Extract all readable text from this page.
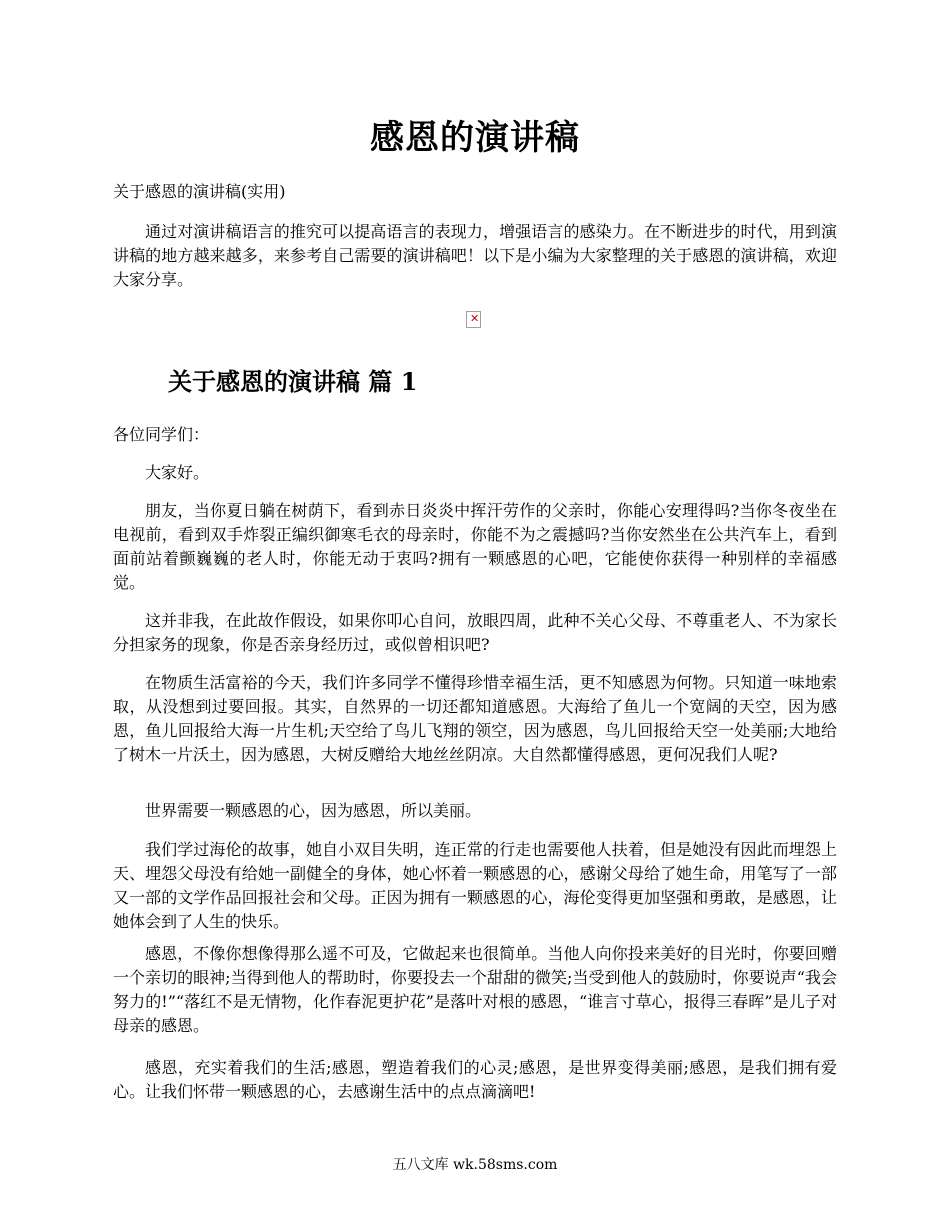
感恩的演讲稿
关于感恩的演讲稿(实用)

通过对演讲稿语言的推究可以提高语言的表现力，增强语言的感染力。在不断进步的时代，用到演讲稿的地方越来越多，来参考自己需要的演讲稿吧！以下是小编为大家整理的关于感恩的演讲稿，欢迎大家分享。

✕
关于感恩的演讲稿 篇 1

各位同学们：

大家好。

朋友，当你夏日躺在树荫下，看到赤日炎炎中挥汗劳作的父亲时，你能心安理得吗?当你冬夜坐在电视前，看到双手炸裂正编织御寒毛衣的母亲时，你能不为之震撼吗?当你安然坐在公共汽车上，看到面前站着颤巍巍的老人时，你能无动于衷吗?拥有一颗感恩的心吧，它能使你获得一种别样的幸福感觉。

这并非我，在此故作假设，如果你叩心自问，放眼四周，此种不关心父母、不尊重老人、不为家长分担家务的现象，你是否亲身经历过，或似曾相识吧?

在物质生活富裕的今天，我们许多同学不懂得珍惜幸福生活，更不知感恩为何物。只知道一味地索取，从没想到过要回报。其实，自然界的一切还都知道感恩。大海给了鱼儿一个宽阔的天空，因为感恩，鱼儿回报给大海一片生机;天空给了鸟儿飞翔的领空，因为感恩，鸟儿回报给天空一处美丽;大地给了树木一片沃土，因为感恩，大树反赠给大地丝丝阴凉。大自然都懂得感恩，更何况我们人呢?

世界需要一颗感恩的心，因为感恩，所以美丽。

我们学过海伦的故事，她自小双目失明，连正常的行走也需要他人扶着，但是她没有因此而埋怨上天、埋怨父母没有给她一副健全的身体，她心怀着一颗感恩的心，感谢父母给了她生命，用笔写了一部又一部的文学作品回报社会和父母。正因为拥有一颗感恩的心，海伦变得更加坚强和勇敢，是感恩，让她体会到了人生的快乐。

感恩，不像你想像得那么遥不可及，它做起来也很简单。当他人向你投来美好的目光时，你要回赠一个亲切的眼神;当得到他人的帮助时，你要投去一个甜甜的微笑;当受到他人的鼓励时，你要说声“我会努力的!”“落红不是无情物，化作春泥更护花”是落叶对根的感恩，“谁言寸草心，报得三春晖”是儿子对母亲的感恩。

感恩，充实着我们的生活;感恩，塑造着我们的心灵;感恩，是世界变得美丽;感恩，是我们拥有爱心。让我们怀带一颗感恩的心，去感谢生活中的点点滴滴吧!

五八文库 wk.58sms.com
